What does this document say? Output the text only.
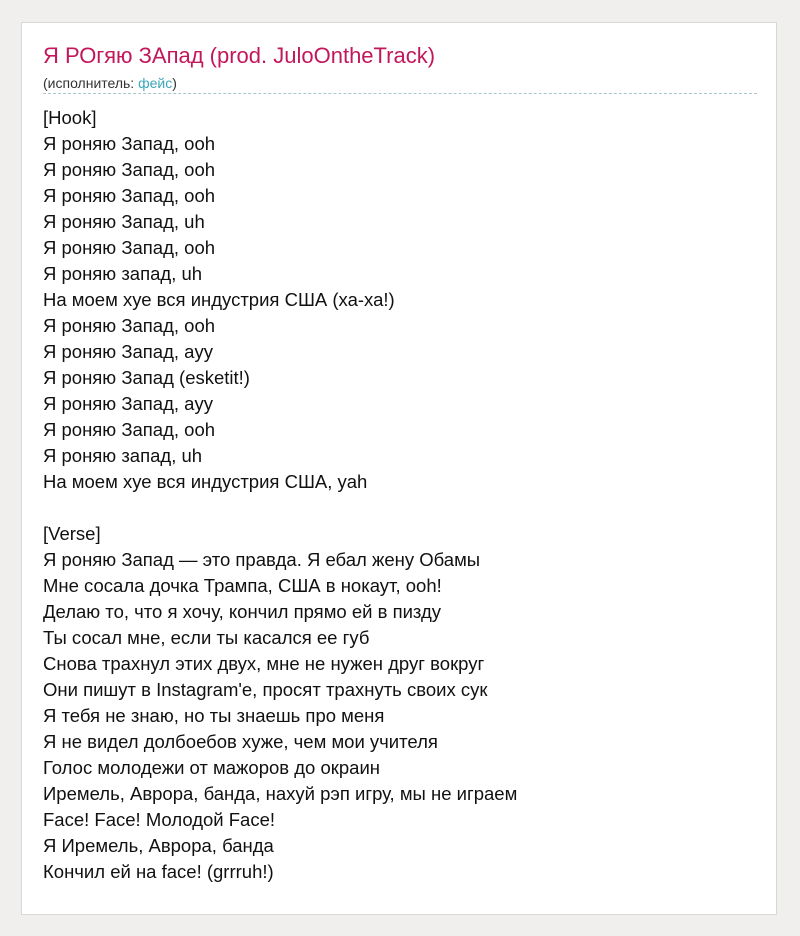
Я РОгяю ЗАпад (prod. JuloOntheTrack)
(исполнитель: фейс)
[Hook]
Я роняю Запад, ooh
Я роняю Запад, ooh
Я роняю Запад, ooh
Я роняю Запад, uh
Я роняю Запад, ooh
Я роняю запад, uh
На моем хуе вся индустрия США (ха-ха!)
Я роняю Запад, ooh
Я роняю Запад, ayy
Я роняю Запад (esketit!)
Я роняю Запад, ayy
Я роняю Запад, ooh
Я роняю запад, uh
На моем хуе вся индустрия США, yah
[Verse]
Я роняю Запад — это правда. Я ебал жену Обамы
Мне сосала дочка Трампа, США в нокаут, ooh!
Делаю то, что я хочу, кончил прямо ей в пизду
Ты сосал мне, если ты касался ее губ
Снова трахнул этих двух, мне не нужен друг вокруг
Они пишут в Instagram'e, просят трахнуть своих сук
Я тебя не знаю, но ты знаешь про меня
Я не видел долбоебов хуже, чем мои учителя
Голос молодежи от мажоров до окраин
Иремель, Аврора, банда, нахуй рэп игру, мы не играем
Face! Face! Молодой Face!
Я Иремель, Аврора, банда
Кончил ей на face! (grrruh!)
